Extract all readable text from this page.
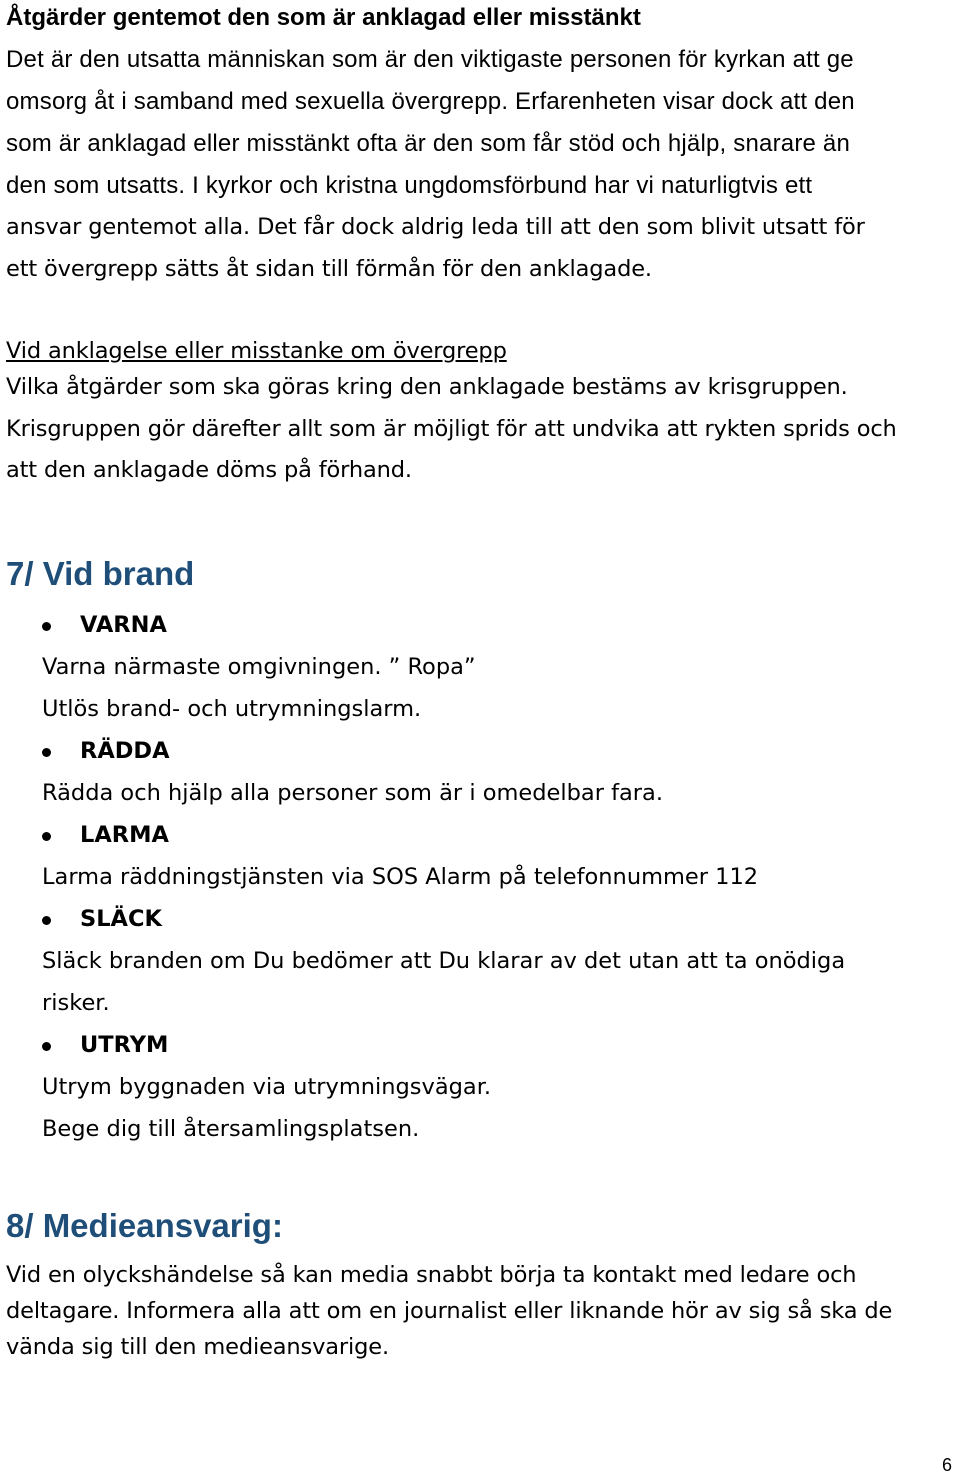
Åtgärder gentemot den som är anklagad eller misstänkt

Det är den utsatta människan som är den viktigaste personen för kyrkan att ge

omsorg åt i samband med sexuella övergrepp. Erfarenheten visar dock att den

som är anklagad eller misstänkt ofta är den som får stöd och hjälp, snarare än

den som utsatts. I kyrkor och kristna ungdomsförbund har vi naturligtvis ett

ansvar gentemot alla. Det får dock aldrig leda till att den som blivit utsatt för

ett övergrepp sätts åt sidan till förmån för den anklagade.

Vid anklagelse eller misstanke om övergrepp

Vilka åtgärder som ska göras kring den anklagade bestäms av krisgruppen.

Krisgruppen gör därefter allt som är möjligt för att undvika att rykten sprids och

att den anklagade döms på förhand.

7/ Vid brand

VARNA

Varna närmaste omgivningen. ” Ropa”

Utlös brand- och utrymningslarm.

RÄDDA

Rädda och hjälp alla personer som är i omedelbar fara.

LARMA

Larma räddningstjänsten via SOS Alarm på telefonnummer 112

SLÄCK

Släck branden om Du bedömer att Du klarar av det utan att ta onödiga

risker.

UTRYM

Utrym byggnaden via utrymningsvägar.

Bege dig till återsamlingsplatsen.

8/ Medieansvarig:

Vid en olyckshändelse så kan media snabbt börja ta kontakt med ledare och

deltagare. Informera alla att om en journalist eller liknande hör av sig så ska de

vända sig till den medieansvarige.

6
